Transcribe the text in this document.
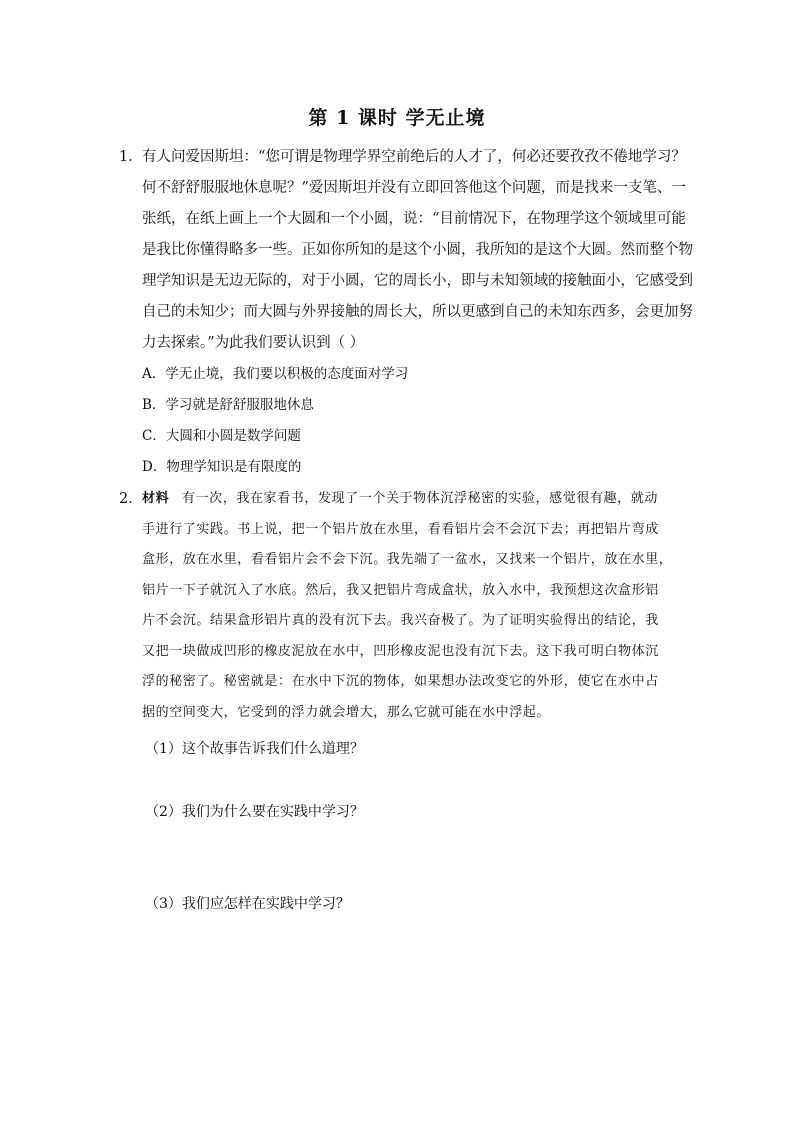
第 1 课时 学无止境
1． 有人问爱因斯坦：“您可谓是物理学界空前绝后的人才了，何必还要孜孜不倦地学习？
何不舒舒服服地休息呢？”爱因斯坦并没有立即回答他这个问题，而是找来一支笔、一
张纸，在纸上画上一个大圆和一个小圆，说：“目前情况下，在物理学这个领域里可能
是我比你懂得略多一些。正如你所知的是这个小圆，我所知的是这个大圆。然而整个物
理学知识是无边无际的，对于小圆，它的周长小，即与未知领域的接触面小，它感受到
自己的未知少；而大圆与外界接触的周长大，所以更感到自己的未知东西多，会更加努
力去探索。”为此我们要认识到（ ）
A．学无止境，我们要以积极的态度面对学习
B．学习就是舒舒服服地休息
C．大圆和小圆是数学问题
D．物理学知识是有限度的
2． 材料 有一次，我在家看书，发现了一个关于物体沉浮秘密的实验，感觉很有趣，就动
手进行了实践。书上说，把一个铝片放在水里，看看铝片会不会沉下去；再把铝片弯成
盒形，放在水里，看看铝片会不会下沉。我先端了一盆水，又找来一个铝片，放在水里，
铝片一下子就沉入了水底。然后，我又把铝片弯成盒状，放入水中，我预想这次盒形铝
片不会沉。结果盒形铝片真的没有沉下去。我兴奋极了。为了证明实验得出的结论，我
又把一块做成凹形的橡皮泥放在水中，凹形橡皮泥也没有沉下去。这下我可明白物体沉
浮的秘密了。秘密就是：在水中下沉的物体，如果想办法改变它的外形，使它在水中占
据的空间变大，它受到的浮力就会增大，那么它就可能在水中浮起。
（1）这个故事告诉我们什么道理？
（2）我们为什么要在实践中学习？
（3）我们应怎样在实践中学习？
